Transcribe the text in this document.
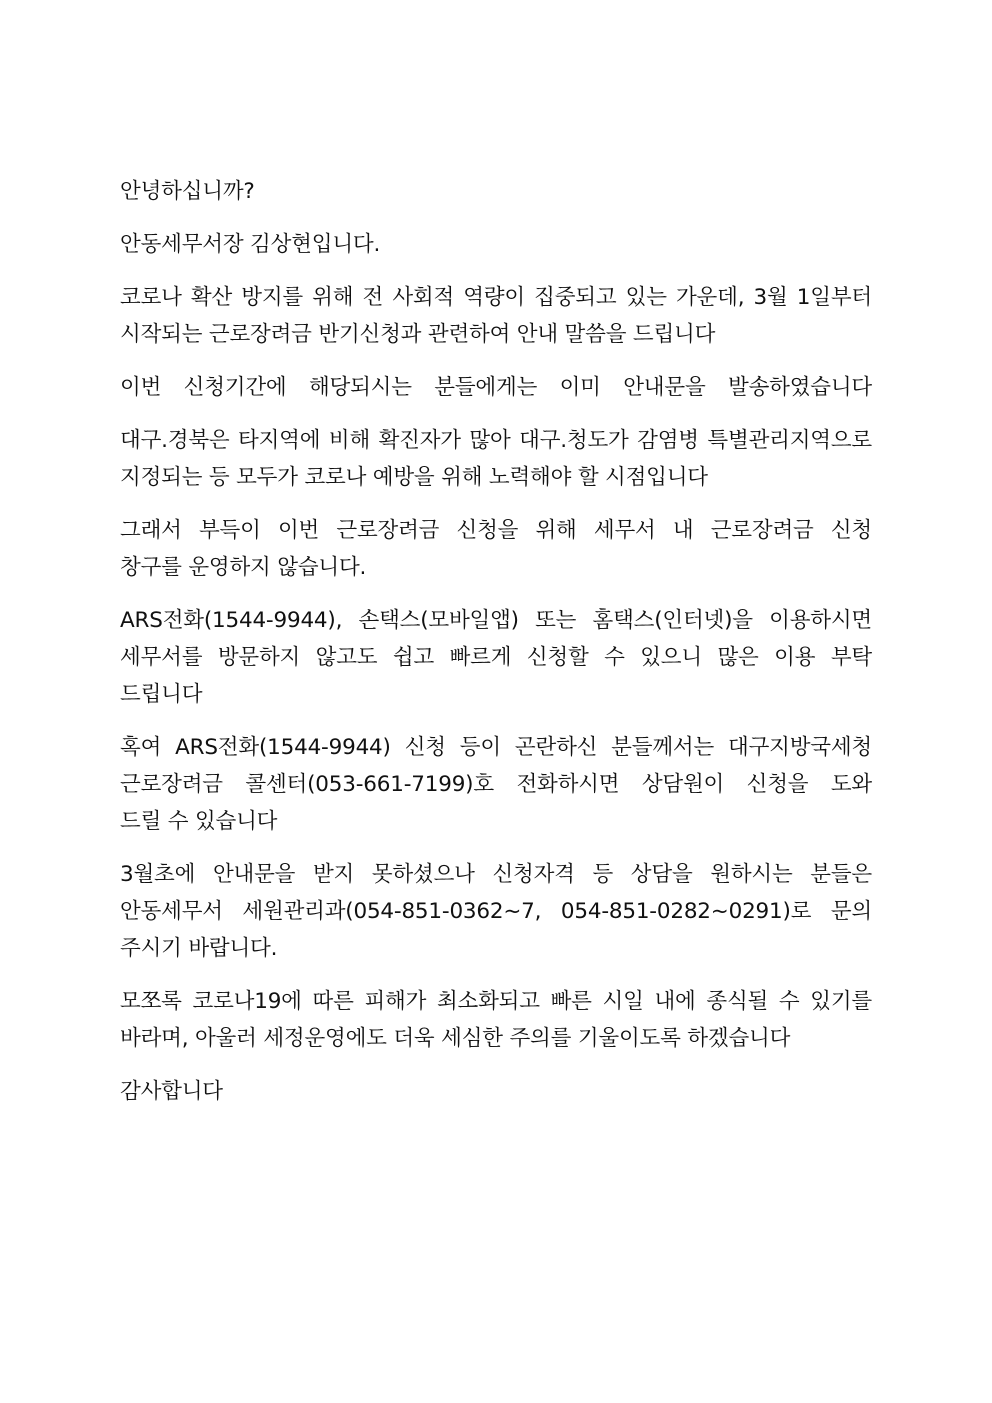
안녕하십니까?

안동세무서장 김상현입니다.

코로나 확산 방지를 위해 전 사회적 역량이 집중되고 있는 가운데, 3월 1일부터
시작되는 근로장려금 반기신청과 관련하여 안내 말씀을 드립니다

이번 신청기간에 해당되시는 분들에게는 이미 안내문을 발송하였습니다

대구.경북은 타지역에 비해 확진자가 많아 대구.청도가 감염병 특별관리지역으로
지정되는 등 모두가 코로나 예방을 위해 노력해야 할 시점입니다

그래서 부득이 이번 근로장려금 신청을 위해 세무서 내 근로장려금 신청
창구를 운영하지 않습니다.

ARS전화(1544-9944), 손택스(모바일앱) 또는 홈택스(인터넷)을 이용하시면
세무서를 방문하지 않고도 쉽고 빠르게 신청할 수 있으니 많은 이용 부탁
드립니다

혹여 ARS전화(1544-9944) 신청 등이 곤란하신 분들께서는 대구지방국세청
근로장려금 콜센터(053-661-7199)호 전화하시면 상담원이 신청을 도와
드릴 수 있습니다

3월초에 안내문을 받지 못하셨으나 신청자격 등 상담을 원하시는 분들은
안동세무서 세원관리과(054-851-0362~7, 054-851-0282~0291)로 문의
주시기 바랍니다.

모쪼록 코로나19에 따른 피해가 최소화되고 빠른 시일 내에 종식될 수 있기를
바라며, 아울러 세정운영에도 더욱 세심한 주의를 기울이도록 하겠습니다

감사합니다
